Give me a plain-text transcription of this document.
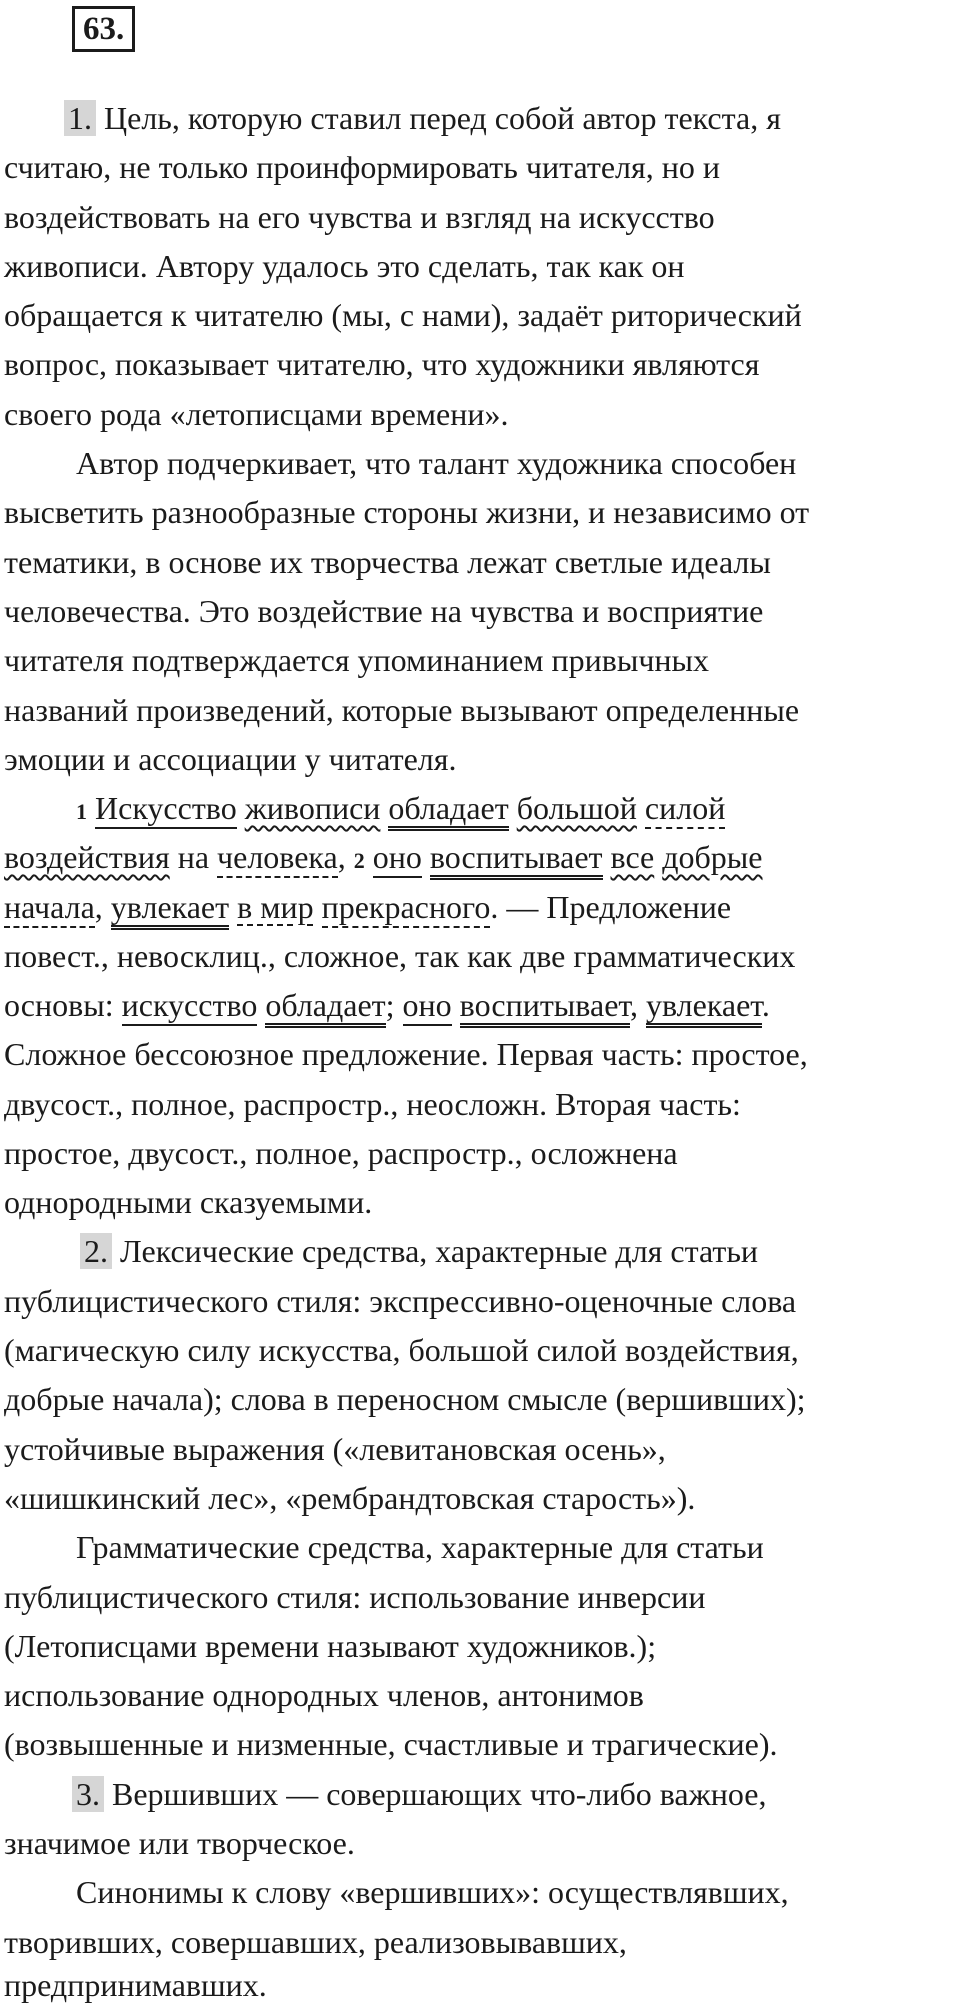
63.
1. Цель, которую ставил перед собой автор текста, я
считаю, не только проинформировать читателя, но и
воздействовать на его чувства и взгляд на искусство
живописи. Автору удалось это сделать, так как он
обращается к читателю (мы, с нами), задаёт риторический
вопрос, показывает читателю, что художники являются
своего рода «летописцами времени».
Автор подчеркивает, что талант художника способен
высветить разнообразные стороны жизни, и независимо от
тематики, в основе их творчества лежат светлые идеалы
человечества. Это воздействие на чувства и восприятие
читателя подтверждается упоминанием привычных
названий произведений, которые вызывают определенные
эмоции и ассоциации у читателя.
1 Искусство живописи обладает большой силой
воздействия на человека, 2 оно воспитывает все добрые
начала, увлекает в мир прекрасного. — Предложение
повест., невосклиц., сложное, так как две грамматических
основы: искусство обладает; оно воспитывает, увлекает.
Сложное бессоюзное предложение. Первая часть: простое,
двусост., полное, распростр., неосложн. Вторая часть:
простое, двусост., полное, распростр., осложнена
однородными сказуемыми.
2. Лексические средства, характерные для статьи
публицистического стиля: экспрессивно-оценочные слова
(магическую силу искусства, большой силой воздействия,
добрые начала); слова в переносном смысле (вершивших);
устойчивые выражения («левитановская осень»,
«шишкинский лес», «рембрандтовская старость»).
Грамматические средства, характерные для статьи
публицистического стиля: использование инверсии
(Летописцами времени называют художников.);
использование однородных членов, антонимов
(возвышенные и низменные, счастливые и трагические).
3. Вершивших — совершающих что-либо важное,
значимое или творческое.
Синонимы к слову «вершивших»: осуществлявших,
творивших, совершавших, реализовывавших,
предпринимавших.
